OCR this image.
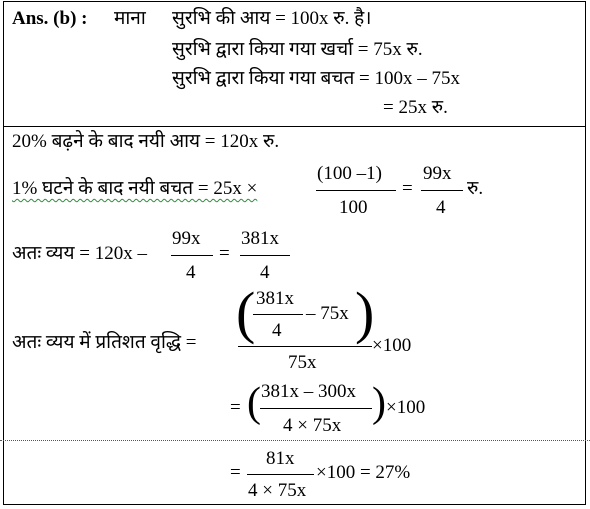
Ans. (b) : माना सुरभि की आय = 100x रु. है।
सुरभि द्वारा किया गया खर्चा = 75x रु.
सुरभि द्वारा किया गया बचत = 100x – 75x
= 25x रु.
20% बढ़ने के बाद नयी आय = 120x रु.
1% घटने के बाद नयी बचत = 25x ×
(100 –1)
100
=
99x
4
रु.
अतः व्यय = 120x –
99x
4
=
381x
4
अतः व्यय में प्रतिशत वृद्धि = ( 381x
4
– 75x )
75x
×100
= ( 381x – 300x
4 × 75x ) ×100
=
81x
4 × 75x
×100 = 27%
